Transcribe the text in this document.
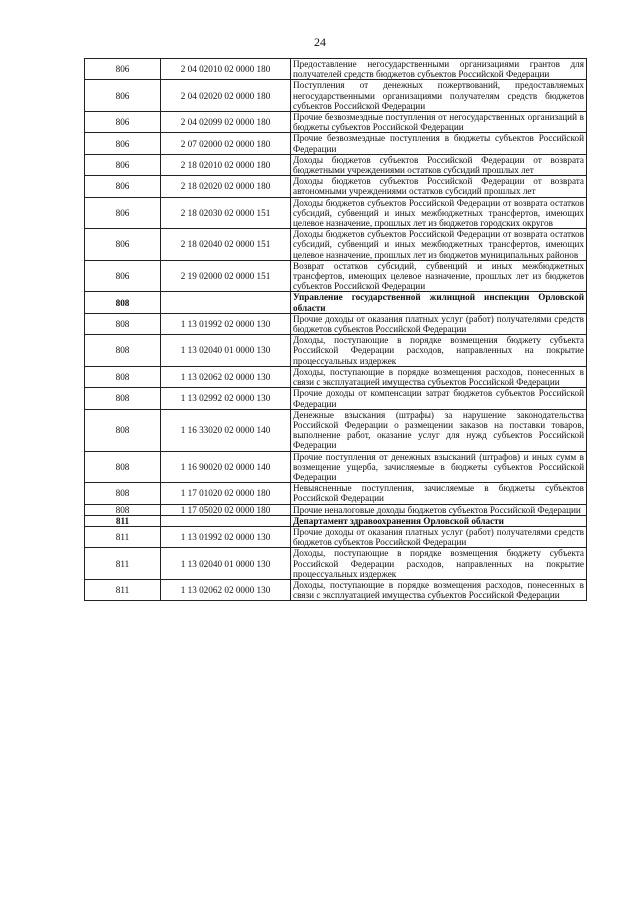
24
806	2 04 02010 02 0000 180	Предоставление негосударственными организациями грантов для получателей средств бюджетов субъектов Российской Федерации
806	2 04 02020 02 0000 180	Поступления от денежных пожертвований, предоставляемых негосударственными организациями получателям средств бюджетов субъектов Российской Федерации
806	2 04 02099 02 0000 180	Прочие безвозмездные поступления от негосударственных организаций в бюджеты субъектов Российской Федерации
806	2 07 02000 02 0000 180	Прочие безвозмездные поступления в бюджеты субъектов Российской Федерации
806	2 18 02010 02 0000 180	Доходы бюджетов субъектов Российской Федерации от возврата бюджетными учреждениями остатков субсидий прошлых лет
806	2 18 02020 02 0000 180	Доходы бюджетов субъектов Российской Федерации от возврата автономными учреждениями остатков субсидий прошлых лет
806	2 18 02030 02 0000 151	Доходы бюджетов субъектов Российской Федерации от возврата остатков субсидий, субвенций и иных межбюджетных трансфертов, имеющих целевое назначение, прошлых лет из бюджетов городских округов
806	2 18 02040 02 0000 151	Доходы бюджетов субъектов Российской Федерации от возврата остатков субсидий, субвенций и иных межбюджетных трансфертов, имеющих целевое назначение, прошлых лет из бюджетов муниципальных районов
806	2 19 02000 02 0000 151	Возврат остатков субсидий, субвенций и иных межбюджетных трансфертов, имеющих целевое назначение, прошлых лет из бюджетов субъектов Российской Федерации
808		Управление государственной жилищной инспекции Орловской области
808	1 13 01992 02 0000 130	Прочие доходы от оказания платных услуг (работ) получателями средств бюджетов субъектов Российской Федерации
808	1 13 02040 01 0000 130	Доходы, поступающие в порядке возмещения бюджету субъекта Российской Федерации расходов, направленных на покрытие процессуальных издержек
808	1 13 02062 02 0000 130	Доходы, поступающие в порядке возмещения расходов, понесенных в связи с эксплуатацией имущества субъектов Российской Федерации
808	1 13 02992 02 0000 130	Прочие доходы от компенсации затрат бюджетов субъектов Российской Федерации
808	1 16 33020 02 0000 140	Денежные взыскания (штрафы) за нарушение законодательства Российской Федерации о размещении заказов на поставки товаров, выполнение работ, оказание услуг для нужд субъектов Российской Федерации
808	1 16 90020 02 0000 140	Прочие поступления от денежных взысканий (штрафов) и иных сумм в возмещение ущерба, зачисляемые в бюджеты субъектов Российской Федерации
808	1 17 01020 02 0000 180	Невыясненные поступления, зачисляемые в бюджеты субъектов Российской Федерации
808	1 17 05020 02 0000 180	Прочие неналоговые доходы бюджетов субъектов Российской Федерации
811		Департамент здравоохранения Орловской области
811	1 13 01992 02 0000 130	Прочие доходы от оказания платных услуг (работ) получателями средств бюджетов субъектов Российской Федерации
811	1 13 02040 01 0000 130	Доходы, поступающие в порядке возмещения бюджету субъекта Российской Федерации расходов, направленных на покрытие процессуальных издержек
811	1 13 02062 02 0000 130	Доходы, поступающие в порядке возмещения расходов, понесенных в связи с эксплуатацией имущества субъектов Российской Федерации
